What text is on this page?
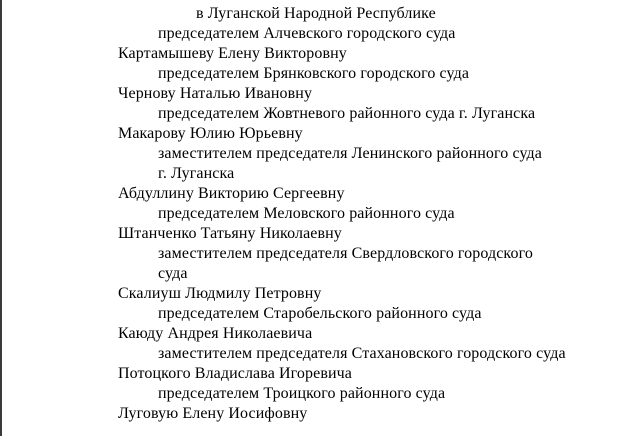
в Луганской Народной Республике
председателем Алчевского городского суда
Картамышеву Елену Викторовну
председателем Брянковского городского суда
Чернову Наталью Ивановну
председателем Жовтневого районного суда г. Луганска
Макарову Юлию Юрьевну
заместителем председателя Ленинского районного суда
г. Луганска
Абдуллину Викторию Сергеевну
председателем Меловского районного суда
Штанченко Татьяну Николаевну
заместителем председателя Свердловского городского
суда
Скалиуш Людмилу Петровну
председателем Старобельского районного суда
Каюду Андрея Николаевича
заместителем председателя Стахановского городского суда
Потоцкого Владислава Игоревича
председателем Троицкого районного суда
Луговую Елену Иосифовну
